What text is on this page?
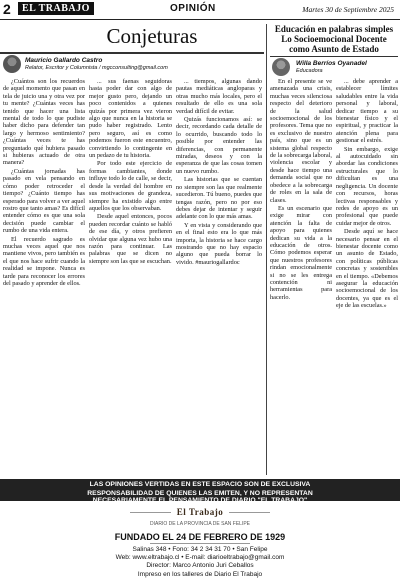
2	EL TRABAJO	OPINIÓN	Martes 30 de Septiembre 2025
Conjeturas
Mauricio Gallardo Castro
Relator, Escritor y Columnista / mgcconsulting@gmail.com

¿Cuántos son los recuerdos de aquel momento que pasan en tela de juicio una y otra vez por tu mente? ¿Cuántas veces has tenido que hacer una lista mental de todo lo que pudiste haber dicho para defender tan largo y hermoso sentimiento? ¿Cuántas veces te has preguntado qué hubiera pasado si hubieras actuado de otra manera?

¿Cuántas jornadas has pasado en vela pensando en cómo poder retroceder el tiempo? ¿Cuánto tiempo has esperado para volver a ver aquel rostro que tanto amas? Es difícil entender cómo es que una sola decisión puede cambiar el rumbo de una vida entera.

El recuerdo sagrado es muchas veces aquel que nos mantiene vivos, pero también es el que nos hace sufrir cuando la realidad se impone. Nunca es tarde para reconocer los errores del pasado y aprender de ellos.

... sus faenas seguidoras hasta poder dar con algo de mejor gusto pero, dejando un poco contenidos a quienes quizás por primera vez vieron algo que nunca en la historia se pudo haber registrado. Lento pero seguro, así es como podemos fueron este encuentro, convirtiendo lo contingente en un pedazo de tu historia.

Por todo este ejercicio de formas cambiantes, donde influye todo lo de calle, se decir, desde la verdad del hombre en sus motivaciones de grandeza, siempre ha existido algo entre aquellos que los observaban.

Desde aquel entonces, pocos pueden recordar cuánto se habló de ese día, y otros prefieren olvidar que alguna vez hubo una razón para continuar. Las palabras que se dicen no siempre son las que se escuchan.

... tiempos, algunas dando pautas mediáticas angloparas y otras mucho más locales, pero el resultado de ello es una sola verdad difícil de evitar.

Quizás funcionamos así: se decir, recordando cada detalle de lo ocurrido, buscando todo lo posible por entender las diferencias, con permanente miradas, deseos y con la esperanza de que las cosas tomen un nuevo rumbo.

Las historias que se cuentan no siempre son las que realmente sucedieron. Tú bueno, puedes que tengas razón, pero no por eso debes dejar de intentar y seguir adelante con lo que más amas.

Y en vista y considerando que en el final esto era lo que más importa, la historia se hace cargo mostrando que no hay espacio alguno que pueda borrar lo vivido. #mauriogallardoc

Educación en palabras simples Lo Socioemocional Docente como Asunto de Estado
Willa Berríos Oyanadel
Educadora

En el presente se ve amenazada una crisis, muchas veces silenciosa respecto del deterioro de la salud socioemocional de los profesores. Tema que no es exclusivo de nuestro país, sino que es un sistema global respecto de la sobrecarga laboral, violencia escolar y desde hace tiempo una demanda social que no obedece a la sobrecarga de roles en la sala de clases.

Es un escenario que exige mirar con atención la falta de apoyo para quienes dedican su vida a la educación de otros. Cómo podemos esperar que nuestros profesores rindan emocionalmente si no se les entrega contención ni herramientas para hacerlo.

... debe aprender a establecer límites saludables entre la vida personal y laboral, dedicar tiempo a su bienestar físico y el espiritual, y practicar la atención plena para gestionar el estrés.

Sin embargo, exige al autocuidado sin abordar las condiciones estructurales que lo dificultan es una negligencia. Un docente con recursos, horas lectivas responsables y redes de apoyo es un profesional que puede cuidar mejor de otros.

Desde aquí se hace necesario pensar en el bienestar docente como un asunto de Estado, con políticas públicas concretas y sostenibles en el tiempo. «Debemos asegurar la educación socioemocional de los docentes, ya que es el eje de las escuelas.»

LAS OPINIONES VERTIDAS EN ESTE ESPACIO SON DE EXCLUSIVA
RESPONSABILIDAD DE QUIENES LAS EMITEN, Y NO REPRESENTAN
NECESARIAMENTE EL PENSAMIENTO DE DIARIO "EL TRABAJO"
El Trabajo
DIARIO DE LA PROVINCIA DE SAN FELIPE
FUNDADO EL 24 DE FEBRERO DE 1929
Salinas 348 • Fono: 34 2 34 31 70 • San Felipe
Web: www.eltrabajo.cl • E-mail: diarioeltrabajo@gmail.com
Director: Marco Antonio Juri Ceballos
Impreso en los talleres de Diario El Trabajo
